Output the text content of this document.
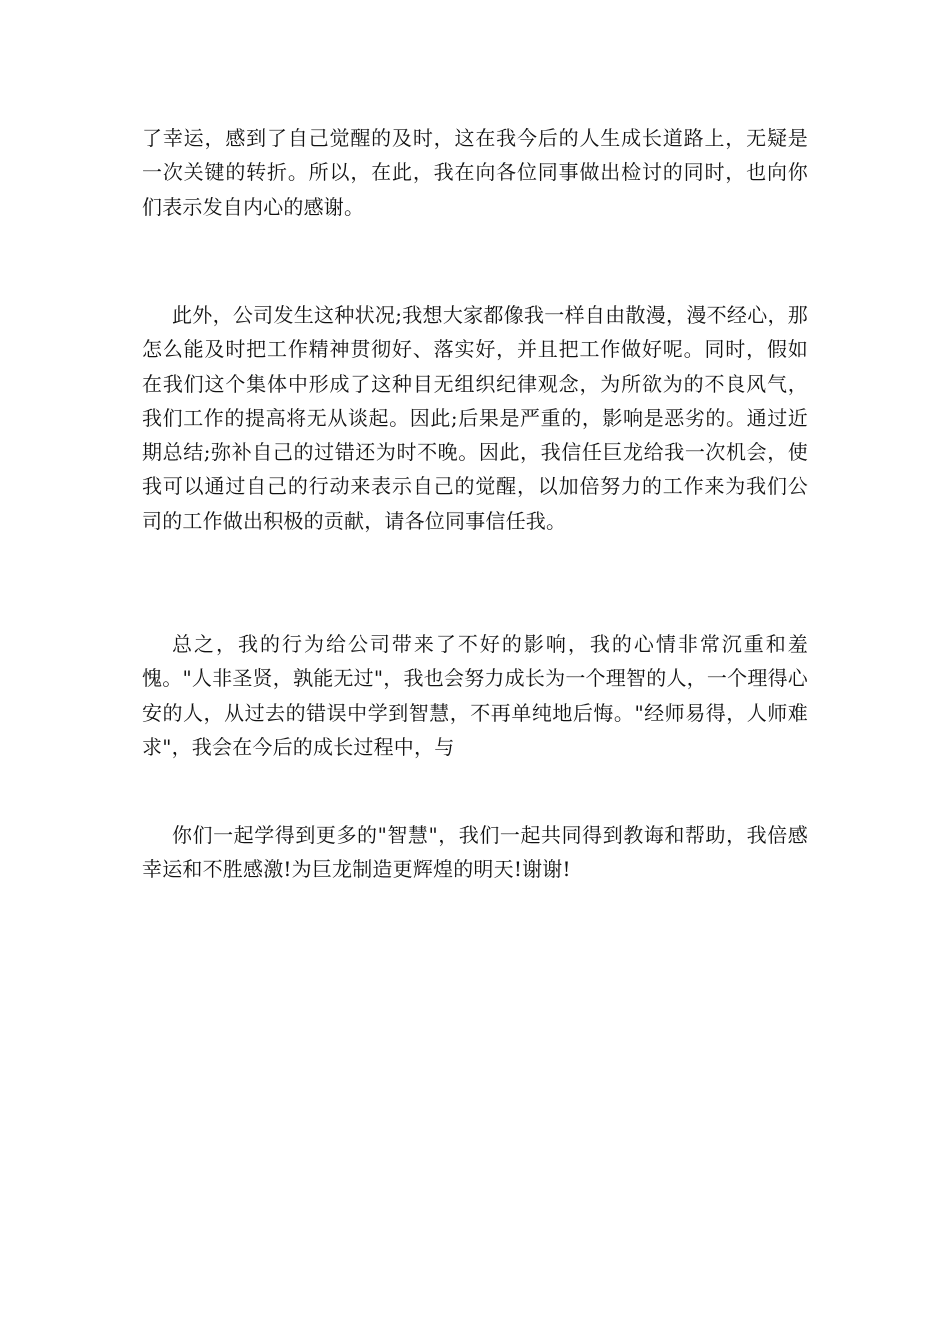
了幸运，感到了自己觉醒的及时，这在我今后的人生成长道路上，无疑是一次关键的转折。所以，在此，我在向各位同事做出检讨的同时，也向你们表示发自内心的感谢。

此外，公司发生这种状况;我想大家都像我一样自由散漫，漫不经心，那怎么能及时把工作精神贯彻好、落实好，并且把工作做好呢。同时，假如在我们这个集体中形成了这种目无组织纪律观念，为所欲为的不良风气，我们工作的提高将无从谈起。因此;后果是严重的，影响是恶劣的。通过近期总结;弥补自己的过错还为时不晚。因此，我信任巨龙给我一次机会，使我可以通过自己的行动来表示自己的觉醒，以加倍努力的工作来为我们公司的工作做出积极的贡献，请各位同事信任我。

总之，我的行为给公司带来了不好的影响，我的心情非常沉重和羞愧。"人非圣贤，孰能无过"，我也会努力成长为一个理智的人，一个理得心安的人，从过去的错误中学到智慧，不再单纯地后悔。"经师易得，人师难求"，我会在今后的成长过程中，与

你们一起学得到更多的"智慧"，我们一起共同得到教诲和帮助，我倍感幸运和不胜感激!为巨龙制造更辉煌的明天!谢谢!
